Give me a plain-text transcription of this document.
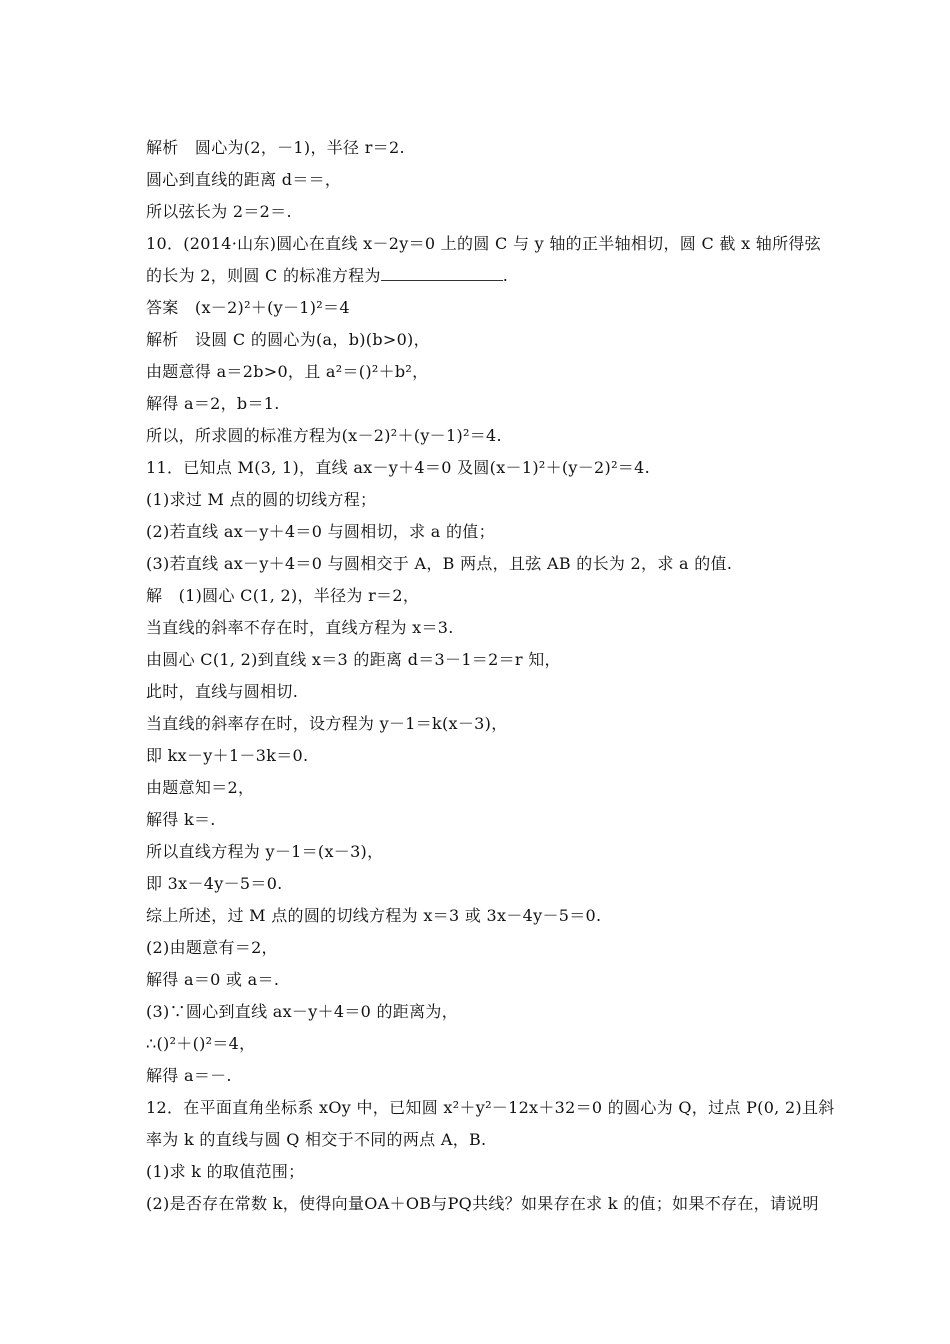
解析　圆心为(2，－1)，半径 r＝2.
圆心到直线的距离 d＝＝，
所以弦长为 2＝2＝.
10．(2014·山东)圆心在直线 x－2y＝0 上的圆 C 与 y 轴的正半轴相切，圆 C 截 x 轴所得弦
的长为 2，则圆 C 的标准方程为	.
答案　(x－2)²＋(y－1)²＝4
解析　设圆 C 的圆心为(a，b)(b>0)，
由题意得 a＝2b>0，且 a²＝()²＋b²，
解得 a＝2，b＝1.
所以，所求圆的标准方程为(x－2)²＋(y－1)²＝4.
11．已知点 M(3, 1)，直线 ax－y＋4＝0 及圆(x－1)²＋(y－2)²＝4.
(1)求过 M 点的圆的切线方程；
(2)若直线 ax－y＋4＝0 与圆相切，求 a 的值；
(3)若直线 ax－y＋4＝0 与圆相交于 A，B 两点，且弦 AB 的长为 2，求 a 的值.
解　(1)圆心 C(1, 2)，半径为 r＝2，
当直线的斜率不存在时，直线方程为 x＝3.
由圆心 C(1, 2)到直线 x＝3 的距离 d＝3－1＝2＝r 知，
此时，直线与圆相切.
当直线的斜率存在时，设方程为 y－1＝k(x－3)，
即 kx－y＋1－3k＝0.
由题意知＝2，
解得 k＝.
所以直线方程为 y－1＝(x－3)，
即 3x－4y－5＝0.
综上所述，过 M 点的圆的切线方程为 x＝3 或 3x－4y－5＝0.
(2)由题意有＝2，
解得 a＝0 或 a＝.
(3)∵圆心到直线 ax－y＋4＝0 的距离为，
∴()²＋()²＝4，
解得 a＝－.
12．在平面直角坐标系 xOy 中，已知圆 x²＋y²－12x＋32＝0 的圆心为 Q，过点 P(0, 2)且斜
率为 k 的直线与圆 Q 相交于不同的两点 A，B.
(1)求 k 的取值范围；
(2)是否存在常数 k，使得向量OA＋OB与PQ共线？如果存在求 k 的值；如果不存在，请说明
